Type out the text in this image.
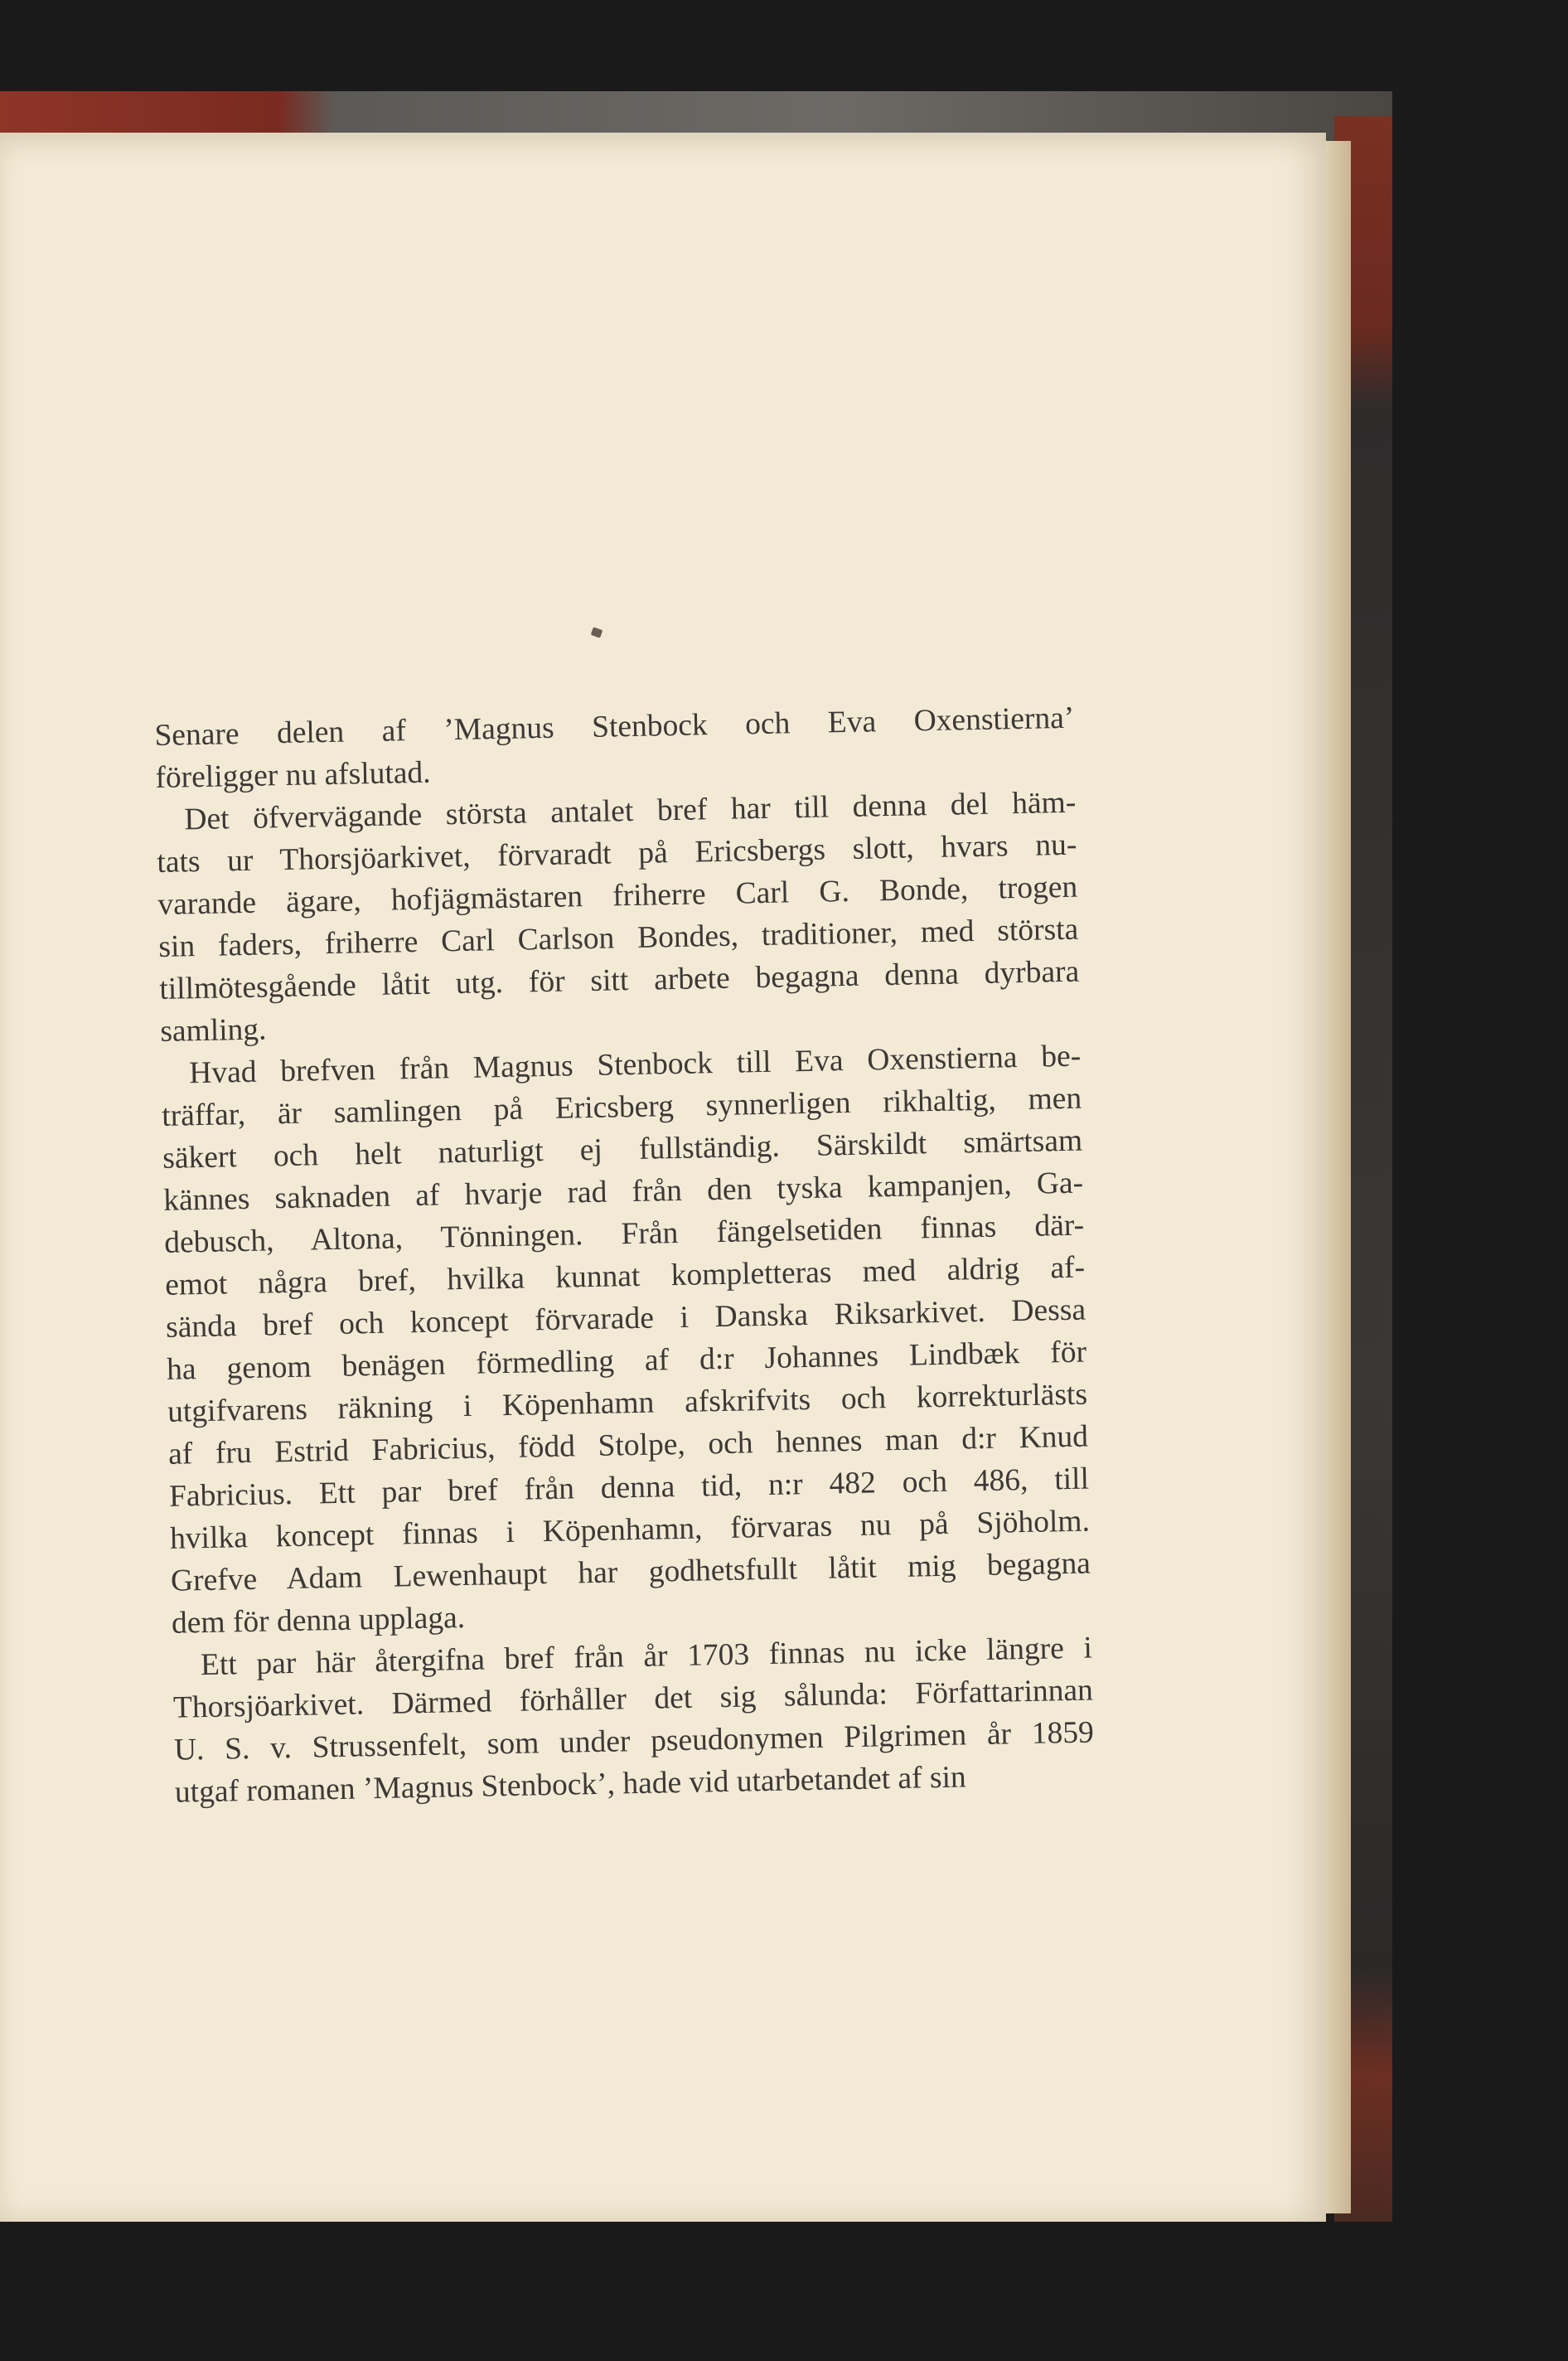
Senare delen af ’Magnus Stenbock och Eva Oxenstierna’
föreligger nu afslutad.
Det öfvervägande största antalet bref har till denna del häm-
tats ur Thorsjöarkivet, förvaradt på Ericsbergs slott, hvars nu-
varande ägare, hofjägmästaren friherre Carl G. Bonde, trogen
sin faders, friherre Carl Carlson Bondes, traditioner, med största
tillmötesgående låtit utg. för sitt arbete begagna denna dyrbara
samling.
Hvad brefven från Magnus Stenbock till Eva Oxenstierna be-
träffar, är samlingen på Ericsberg synnerligen rikhaltig, men
säkert och helt naturligt ej fullständig. Särskildt smärtsam
kännes saknaden af hvarje rad från den tyska kampanjen, Ga-
debusch, Altona, Tönningen. Från fängelsetiden finnas där-
emot några bref, hvilka kunnat kompletteras med aldrig af-
sända bref och koncept förvarade i Danska Riksarkivet. Dessa
ha genom benägen förmedling af d:r Johannes Lindbæk för
utgifvarens räkning i Köpenhamn afskrifvits och korrekturlästs
af fru Estrid Fabricius, född Stolpe, och hennes man d:r Knud
Fabricius. Ett par bref från denna tid, n:r 482 och 486, till
hvilka koncept finnas i Köpenhamn, förvaras nu på Sjöholm.
Grefve Adam Lewenhaupt har godhetsfullt låtit mig begagna
dem för denna upplaga.
Ett par här återgifna bref från år 1703 finnas nu icke längre i
Thorsjöarkivet. Därmed förhåller det sig sålunda: Författarinnan
U. S. v. Strussenfelt, som under pseudonymen Pilgrimen år 1859
utgaf romanen ’Magnus Stenbock’, hade vid utarbetandet af sin
